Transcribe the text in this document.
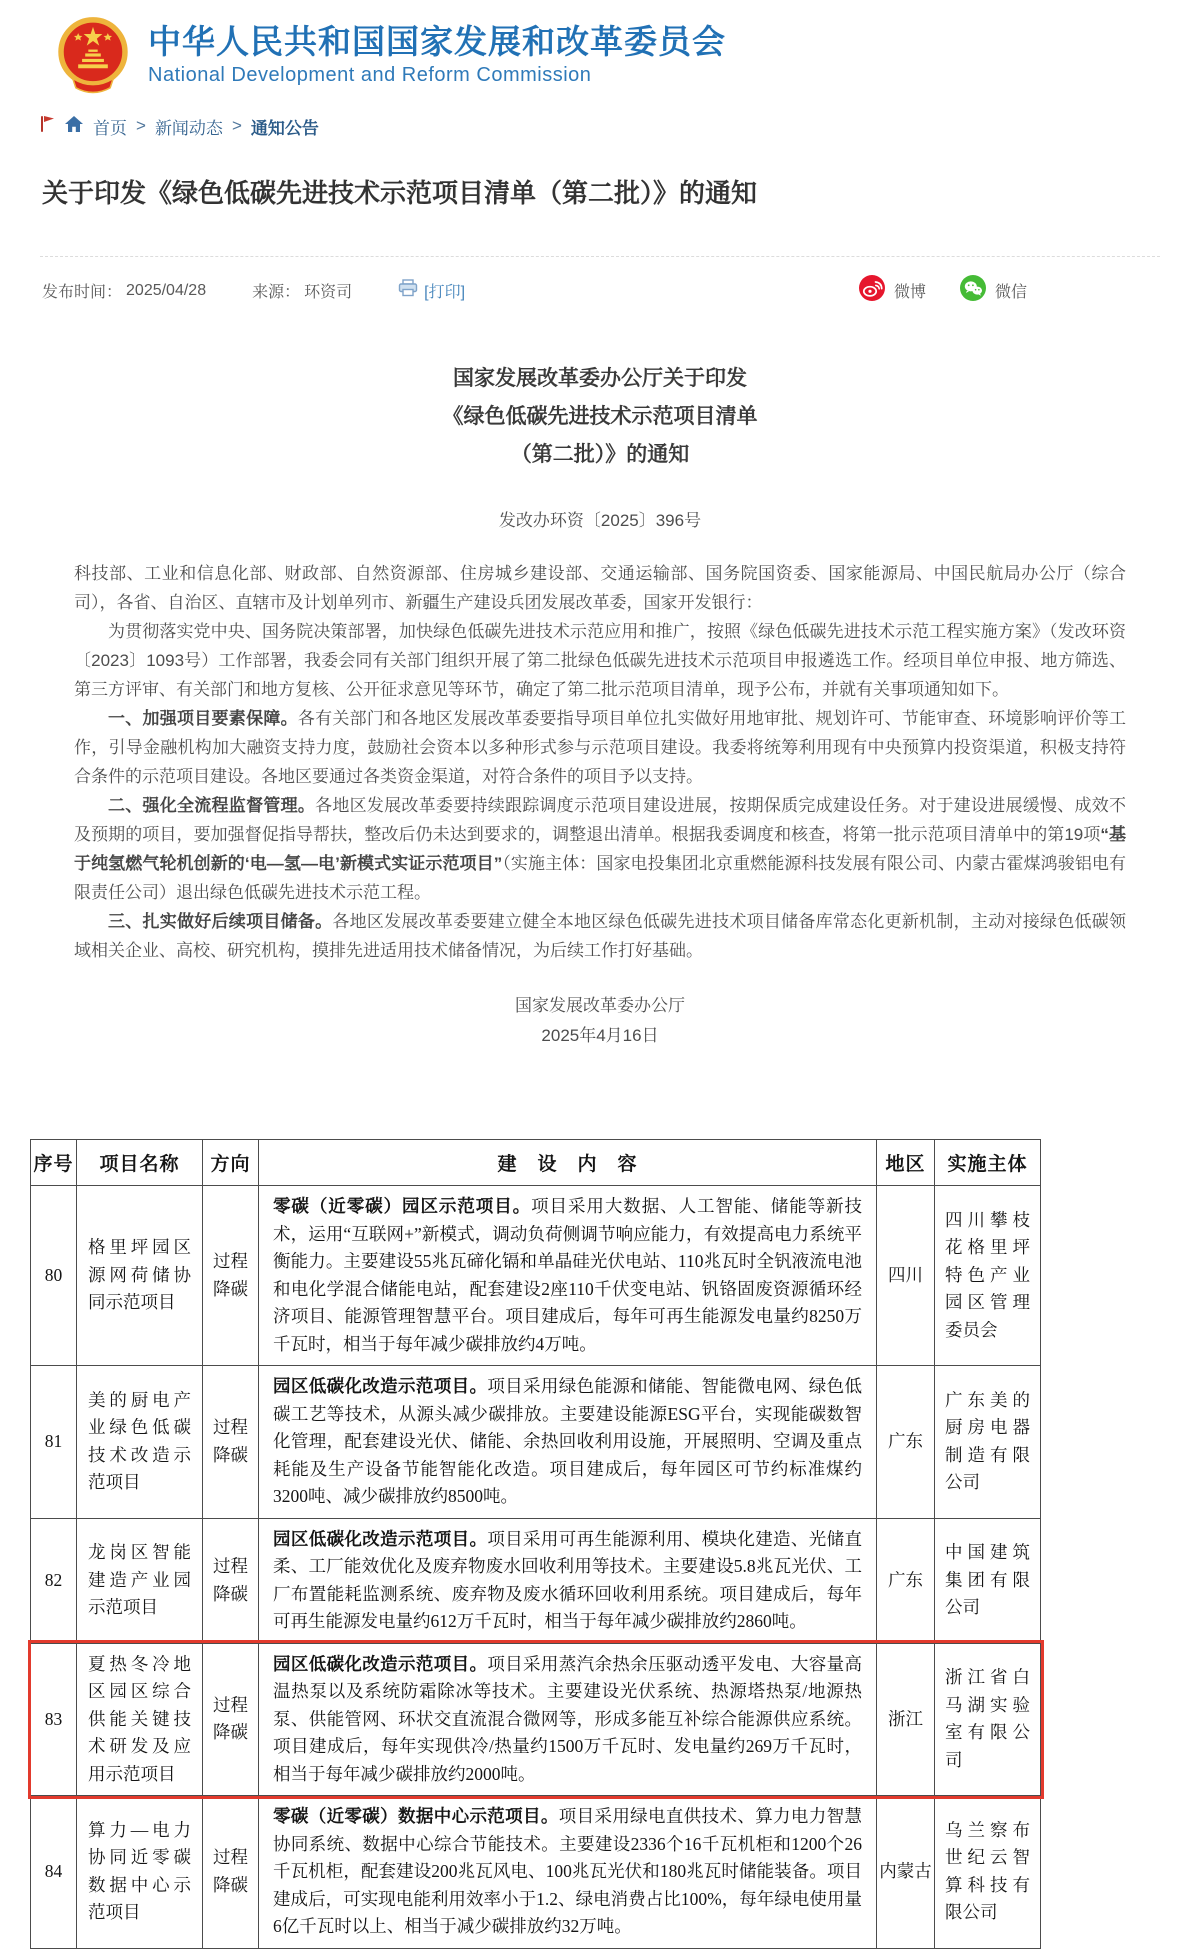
中华人民共和国国家发展和改革委员会
National Development and Reform Commission
首页 > 新闻动态 > 通知公告
关于印发《绿色低碳先进技术示范项目清单（第二批）》的通知
发布时间： 2025/04/28	来源： 环资司	[打印]	微博	微信
国家发展改革委办公厅关于印发
《绿色低碳先进技术示范项目清单
（第二批）》的通知
发改办环资〔2025〕396号

科技部、工业和信息化部、财政部、自然资源部、住房城乡建设部、交通运输部、国务院国资委、国家能源局、中国民航局办公厅（综合司），各省、自治区、直辖市及计划单列市、新疆生产建设兵团发展改革委，国家开发银行：

为贯彻落实党中央、国务院决策部署，加快绿色低碳先进技术示范应用和推广，按照《绿色低碳先进技术示范工程实施方案》（发改环资〔2023〕1093号）工作部署，我委会同有关部门组织开展了第二批绿色低碳先进技术示范项目申报遴选工作。经项目单位申报、地方筛选、第三方评审、有关部门和地方复核、公开征求意见等环节，确定了第二批示范项目清单，现予公布，并就有关事项通知如下。

一、加强项目要素保障。各有关部门和各地区发展改革委要指导项目单位扎实做好用地审批、规划许可、节能审查、环境影响评价等工作，引导金融机构加大融资支持力度，鼓励社会资本以多种形式参与示范项目建设。我委将统筹利用现有中央预算内投资渠道，积极支持符合条件的示范项目建设。各地区要通过各类资金渠道，对符合条件的项目予以支持。

二、强化全流程监督管理。各地区发展改革委要持续跟踪调度示范项目建设进展，按期保质完成建设任务。对于建设进展缓慢、成效不及预期的项目，要加强督促指导帮扶，整改后仍未达到要求的，调整退出清单。根据我委调度和核查，将第一批示范项目清单中的第19项“基于纯氢燃气轮机创新的‘电—氢—电’新模式实证示范项目”（实施主体：国家电投集团北京重燃能源科技发展有限公司、内蒙古霍煤鸿骏铝电有限责任公司）退出绿色低碳先进技术示范工程。

三、扎实做好后续项目储备。各地区发展改革委要建立健全本地区绿色低碳先进技术项目储备库常态化更新机制，主动对接绿色低碳领域相关企业、高校、研究机构，摸排先进适用技术储备情况，为后续工作打好基础。

国家发展改革委办公厅
2025年4月16日
序号	项目名称	方向	建　设　内　容	地区	实施主体
80	格里坪园区源网荷储协同示范项目	过程降碳	零碳（近零碳）园区示范项目。项目采用大数据、人工智能、储能等新技术，运用“互联网+”新模式，调动负荷侧调节响应能力，有效提高电力系统平衡能力。主要建设55兆瓦碲化镉和单晶硅光伏电站、110兆瓦时全钒液流电池和电化学混合储能电站，配套建设2座110千伏变电站、钒铬固废资源循环经济项目、能源管理智慧平台。项目建成后，每年可再生能源发电量约8250万千瓦时，相当于每年减少碳排放约4万吨。	四川	四川攀枝花格里坪特色产业园区管理委员会
81	美的厨电产业绿色低碳技术改造示范项目	过程降碳	园区低碳化改造示范项目。项目采用绿色能源和储能、智能微电网、绿色低碳工艺等技术，从源头减少碳排放。主要建设能源ESG平台，实现能碳数智化管理，配套建设光伏、储能、余热回收利用设施，开展照明、空调及重点耗能及生产设备节能智能化改造。项目建成后，每年园区可节约标准煤约3200吨、减少碳排放约8500吨。	广东	广东美的厨房电器制造有限公司
82	龙岗区智能建造产业园示范项目	过程降碳	园区低碳化改造示范项目。项目采用可再生能源利用、模块化建造、光储直柔、工厂能效优化及废弃物废水回收利用等技术。主要建设5.8兆瓦光伏、工厂布置能耗监测系统、废弃物及废水循环回收利用系统。项目建成后，每年可再生能源发电量约612万千瓦时，相当于每年减少碳排放约2860吨。	广东	中国建筑集团有限公司
83	夏热冬冷地区园区综合供能关键技术研发及应用示范项目	过程降碳	园区低碳化改造示范项目。项目采用蒸汽余热余压驱动透平发电、大容量高温热泵以及系统防霜除冰等技术。主要建设光伏系统、热源塔热泵/地源热泵、供能管网、环状交直流混合微网等，形成多能互补综合能源供应系统。项目建成后，每年实现供冷/热量约1500万千瓦时、发电量约269万千瓦时，相当于每年减少碳排放约2000吨。	浙江	浙江省白马湖实验室有限公司
84	算力—电力协同近零碳数据中心示范项目	过程降碳	零碳（近零碳）数据中心示范项目。项目采用绿电直供技术、算力电力智慧协同系统、数据中心综合节能技术。主要建设2336个16千瓦机柜和1200个26千瓦机柜，配套建设200兆瓦风电、100兆瓦光伏和180兆瓦时储能装备。项目建成后，可实现电能利用效率小于1.2、绿电消费占比100%，每年绿电使用量6亿千瓦时以上、相当于减少碳排放约32万吨。	内蒙古	乌兰察布世纪云智算科技有限公司
